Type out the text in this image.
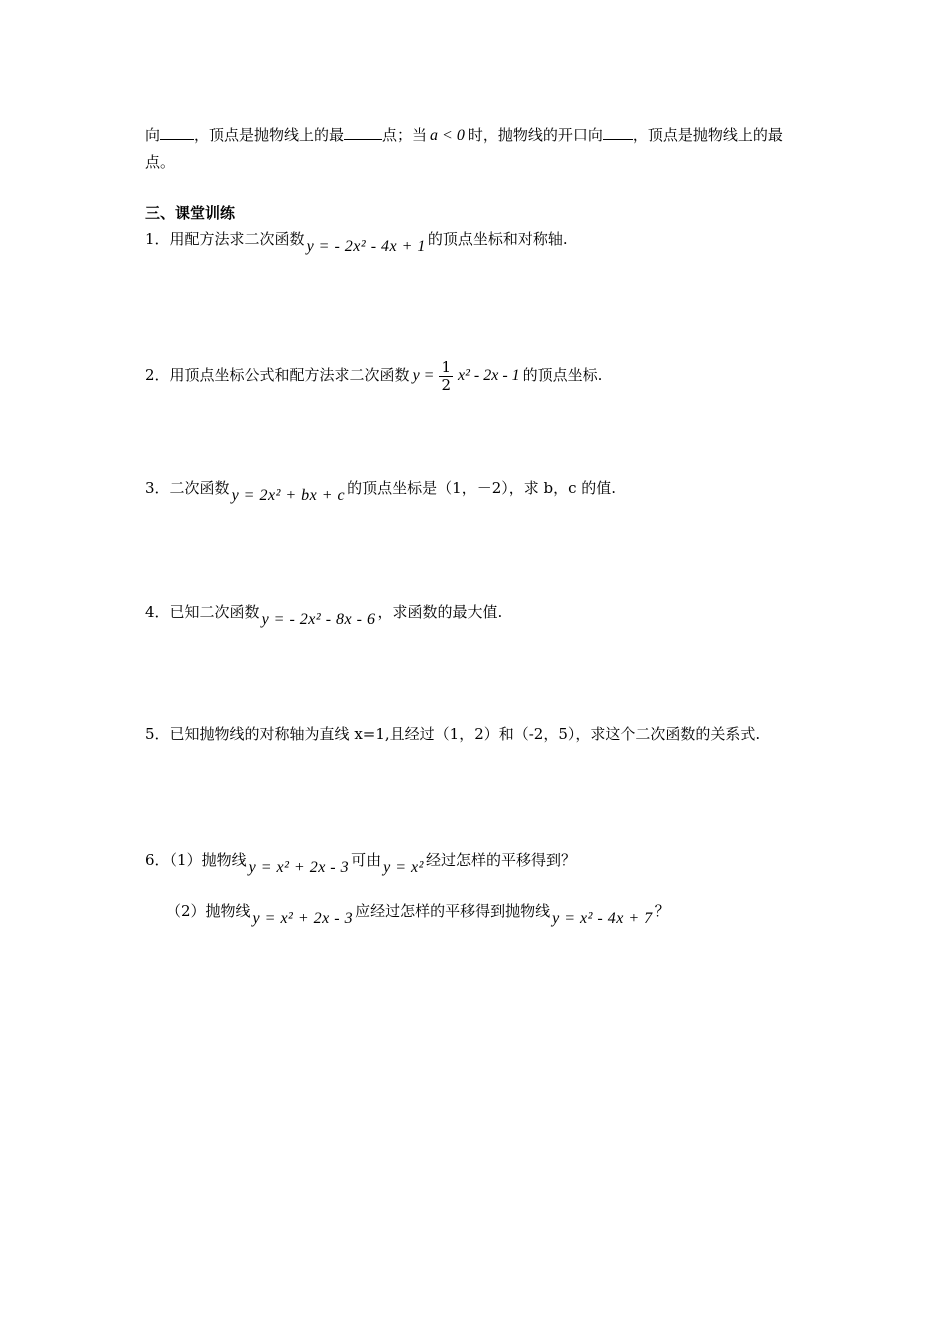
向 ，顶点是抛物线上的最	点；当 a < 0 时，抛物线的开口向 ，顶点是抛物线上的最
点。
三、课堂训练
1．用配方法求二次函数 y = - 2x² - 4x + 1 的顶点坐标和对称轴.
2．用顶点坐标公式和配方法求二次函数 $y = \frac{1}{2} x^2 - 2x - 1$ 的顶点坐标.
3．二次函数 y = 2x² + bx + c 的顶点坐标是（1，－2），求 b，c 的值.
4．已知二次函数 y = - 2x² - 8x - 6 ，求函数的最大值.
5．已知抛物线的对称轴为直线 x=1,且经过（1，2）和（-2，5），求这个二次函数的关系式.
6．（1）抛物线 y = x² + 2x - 3 可由 y = x² 经过怎样的平移得到？
（2）抛物线 y = x² + 2x - 3 应经过怎样的平移得到抛物线 y = x² - 4x + 7 ？
